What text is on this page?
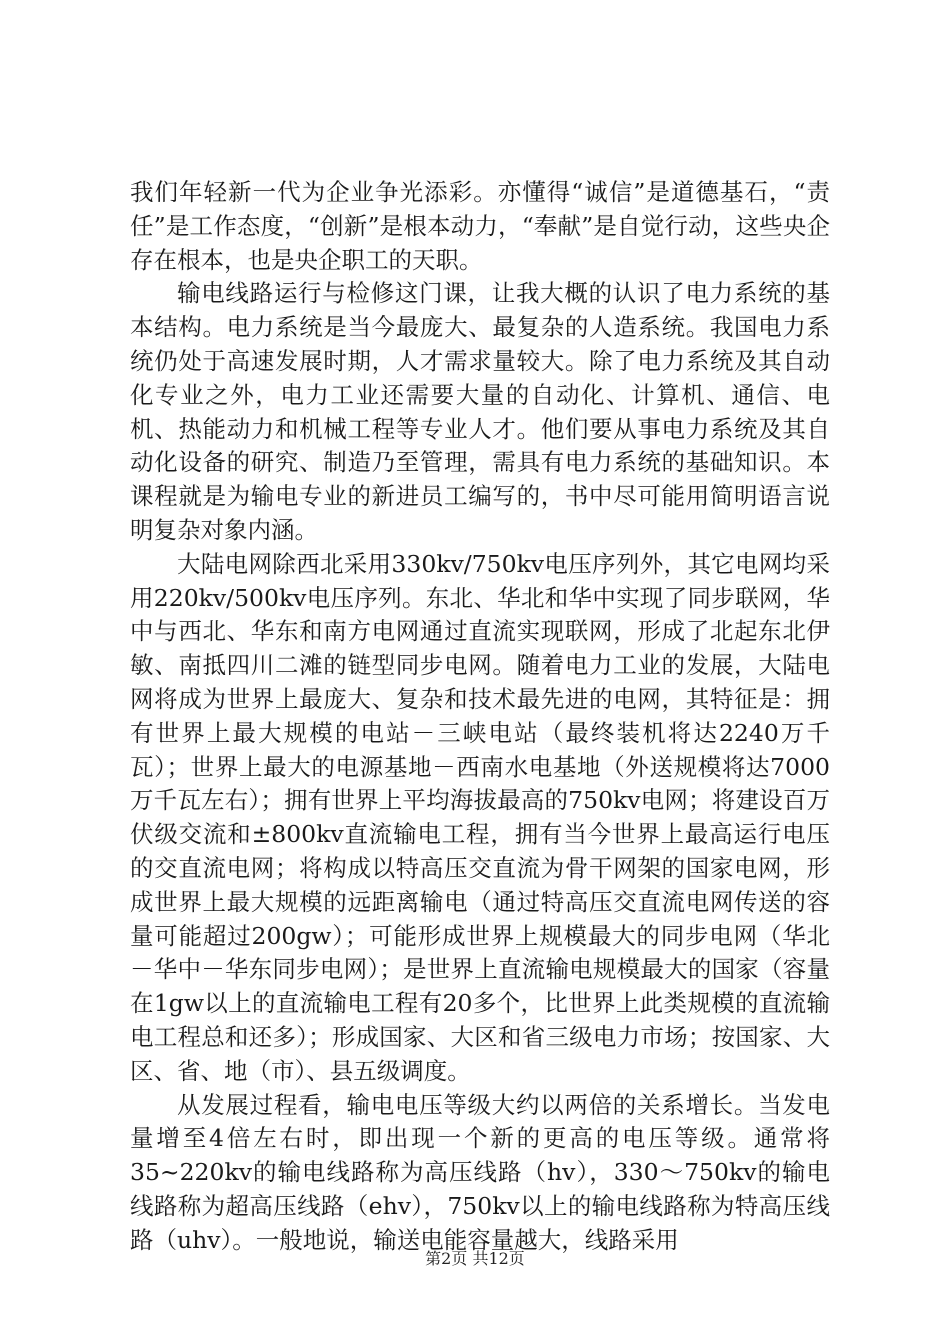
我们年轻新一代为企业争光添彩。亦懂得“诚信”是道德基石，“责任”是工作态度，“创新”是根本动力，“奉献”是自觉行动，这些央企存在根本，也是央企职工的天职。

输电线路运行与检修这门课，让我大概的认识了电力系统的基本结构。电力系统是当今最庞大、最复杂的人造系统。我国电力系统仍处于高速发展时期，人才需求量较大。除了电力系统及其自动化专业之外，电力工业还需要大量的自动化、计算机、通信、电机、热能动力和机械工程等专业人才。他们要从事电力系统及其自动化设备的研究、制造乃至管理，需具有电力系统的基础知识。本课程就是为输电专业的新进员工编写的，书中尽可能用简明语言说明复杂对象内涵。

大陆电网除西北采用330kv/750kv电压序列外，其它电网均采用220kv/500kv电压序列。东北、华北和华中实现了同步联网，华中与西北、华东和南方电网通过直流实现联网，形成了北起东北伊敏、南抵四川二滩的链型同步电网。随着电力工业的发展，大陆电网将成为世界上最庞大、复杂和技术最先进的电网，其特征是：拥有世界上最大规模的电站－三峡电站（最终装机将达2240万千瓦）；世界上最大的电源基地－西南水电基地（外送规模将达7000万千瓦左右）；拥有世界上平均海拔最高的750kv电网；将建设百万伏级交流和±800kv直流输电工程，拥有当今世界上最高运行电压的交直流电网；将构成以特高压交直流为骨干网架的国家电网，形成世界上最大规模的远距离输电（通过特高压交直流电网传送的容量可能超过200gw）；可能形成世界上规模最大的同步电网（华北－华中－华东同步电网）；是世界上直流输电规模最大的国家（容量在1gw以上的直流输电工程有20多个，比世界上此类规模的直流输电工程总和还多）；形成国家、大区和省三级电力市场；按国家、大区、省、地（市）、县五级调度。

从发展过程看，输电电压等级大约以两倍的关系增长。当发电量增至4倍左右时，即出现一个新的更高的电压等级。通常将35~220kv的输电线路称为高压线路（hv），330～750kv的输电线路称为超高压线路（ehv），750kv以上的输电线路称为特高压线路（uhv）。一般地说，输送电能容量越大，线路采用

第2页 共12页
